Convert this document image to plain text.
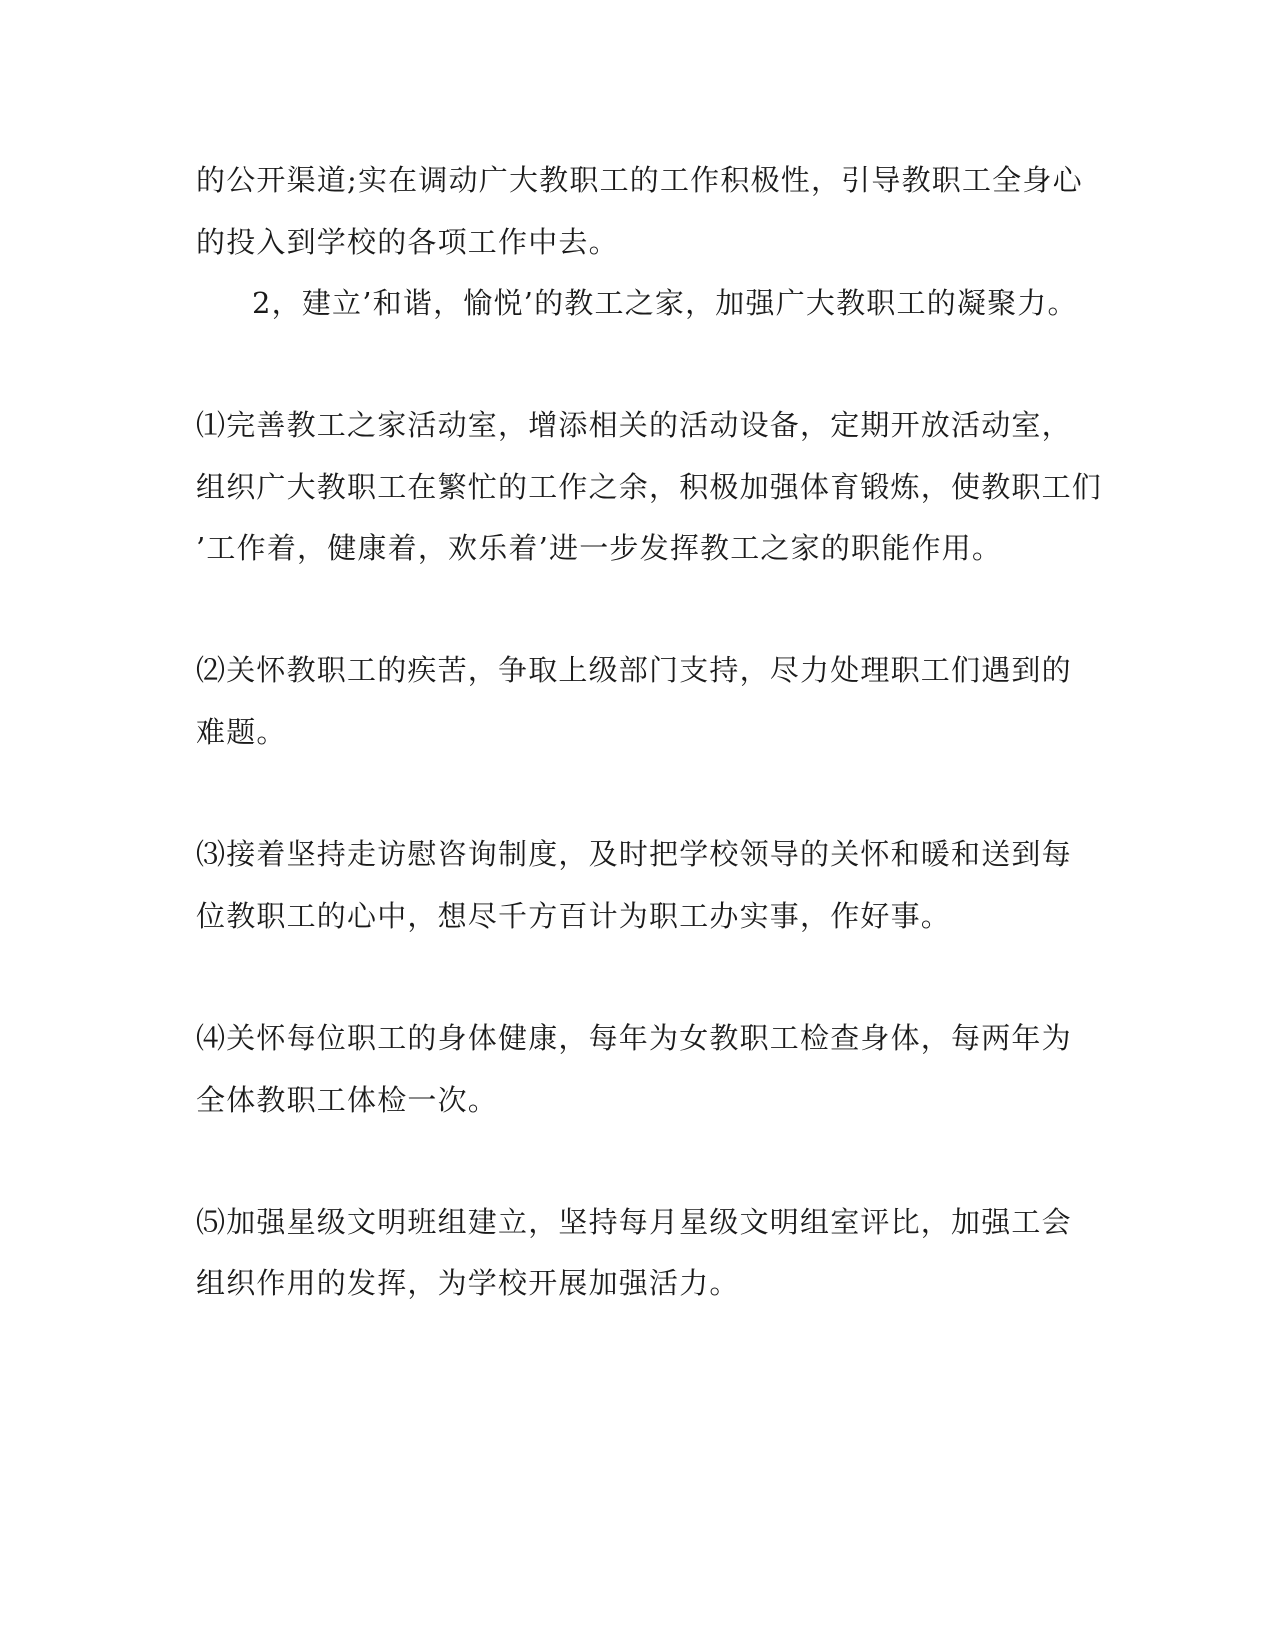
的公开渠道;实在调动广大教职工的工作积极性，引导教职工全身心

的投入到学校的各项工作中去。

2，建立’和谐，愉悦’的教工之家，加强广大教职工的凝聚力。

⑴完善教工之家活动室，增添相关的活动设备，定期开放活动室，

组织广大教职工在繁忙的工作之余，积极加强体育锻炼，使教职工们

’工作着，健康着，欢乐着’进一步发挥教工之家的职能作用。

⑵关怀教职工的疾苦，争取上级部门支持，尽力处理职工们遇到的

难题。

⑶接着坚持走访慰咨询制度，及时把学校领导的关怀和暖和送到每

位教职工的心中，想尽千方百计为职工办实事，作好事。

⑷关怀每位职工的身体健康，每年为女教职工检查身体，每两年为

全体教职工体检一次。

⑸加强星级文明班组建立，坚持每月星级文明组室评比，加强工会

组织作用的发挥，为学校开展加强活力。
